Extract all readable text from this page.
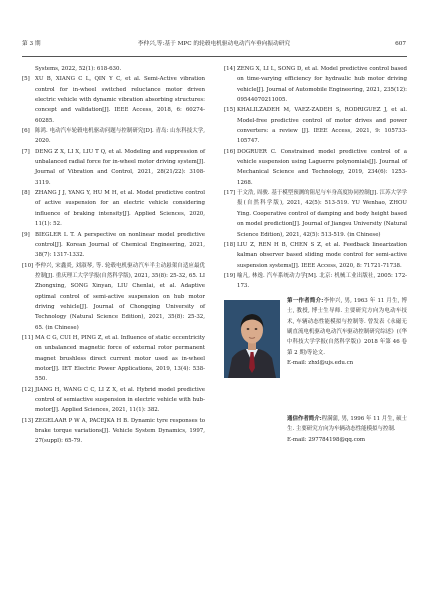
第 3 期	李仲兴,等:基于 MPC 的轮毂电机驱动电动汽车垂向振动研究	607
Systems, 2022, 52(1): 618-630.
[5] XU B, XIANG C L, QIN Y C, et al. Semi-Active vibration control for in-wheel switched reluctance motor driven electric vehicle with dynamic vibration absorbing structures: concept and validation[J]. IEEE Access, 2018, 6: 60274-60285.
[6] 陈鸿. 电动汽车轮毂电机驱动问题与控制研究[D]. 青岛: 山东科技大学, 2020.
[7] DENG Z X, LI X, LIU T Q, et al. Modeling and suppression of unbalanced radial force for in-wheel motor driving system[J]. Journal of Vibration and Control, 2021, 28(21/22): 3108-3119.
[8] ZHANG J J, YANG Y, HU M H, et al. Model predictive control of active suspension for an electric vehicle considering influence of braking intensity[J]. Applied Sciences, 2020, 11(1): 52.
[9] BIEGLER L T. A perspective on nonlinear model predictive control[J]. Korean Journal of Chemical Engineering, 2021, 38(7): 1317-1332.
[10] 李仲兴, 宋鑫炎, 刘淑琴, 等. 轮毂电机驱动汽车半主动悬架自适应最优控制[J]. 重庆理工大学学报(自然科学版), 2021, 35(8): 25-32, 65. LI Zhongxing, SONG Xinyan, LIU Chenlai, et al. Adaptive optimal control of semi-active suspension on hub motor driving vehicle[J]. Journal of Chongqing University of Technology (Natural Science Edition), 2021, 35(8): 25-32, 65. (in Chinese)
[11] MA C G, CUI H, PING Z, et al. Influence of static eccentricity on unbalanced magnetic force of external rotor permanent magnet brushless direct current motor used as in-wheel motor[J]. IET Electric Power Applications, 2019, 13(4): 538-550.
[12] JIANG H, WANG C C, LI Z X, et al. Hybrid model predictive control of semiactive suspension in electric vehicle with hub-motor[J]. Applied Sciences, 2021, 11(1): 382.
[13] ZEGELAAR P W A, PACEJKA H B. Dynamic tyre responses to brake torque variations[J]. Vehicle System Dynamics, 1997, 27(suppl): 65-79.
[14] ZENG X, LI L, SONG D, et al. Model predictive control based on time-varying efficiency for hydraulic hub motor driving vehicle[J]. Journal of Automobile Engineering, 2021, 235(12): 09544070211005.
[15] KHALILZADEH M, VAEZ-ZADEH S, RODRIGUEZ J, et al. Model-free predictive control of motor drives and power converters: a review [J]. IEEE Access, 2021, 9: 105733-105747.
[16] DOGRUER C. Constrained model predictive control of a vehicle suspension using Laguerre polynomials[J]. Journal of Mechanical Science and Technology, 2019, 234(6): 1253-1268.
[17] 于文浩, 周骏. 基于模型预测的阻尼与车身高度协同控制[J]. 江苏大学学报(自然科学版), 2021, 42(5): 513-519. YU Wenhao, ZHOU Ying. Cooperative control of damping and body height based on model prediction[J]. Journal of Jiangsu University (Natural Science Edition), 2021, 42(5): 513-519. (in Chinese)
[18] LIU Z, REN H B, CHEN S Z, et al. Feedback linearization kalman observer based sliding mode control for semi-active suspension systems[J]. IEEE Access, 2020, 8: 71721-71738.
[19] 喻凡, 林逸. 汽车系统动力学[M]. 北京: 机械工业出版社, 2005: 172-173.
第一作者简介:李仲兴, 男, 1963 年 11 月生, 博士, 教授, 博士生导师. 主要研究方向为电动车技术, 车辆动态性能模拟与控制等. 曾发表《永磁无刷直流电机驱动电动汽车驱动控制研究综述》(《华中科技大学学报(自然科学版)》2018 年第 46 卷第 2 期)等论文.
E-mail: zhxl@ujs.edu.cn
通信作者简介:程满蒲, 男, 1996 年 11 月生, 硕士生. 主要研究方向为车辆动态性能模拟与控制.
E-mail: 297784198@qq.com
